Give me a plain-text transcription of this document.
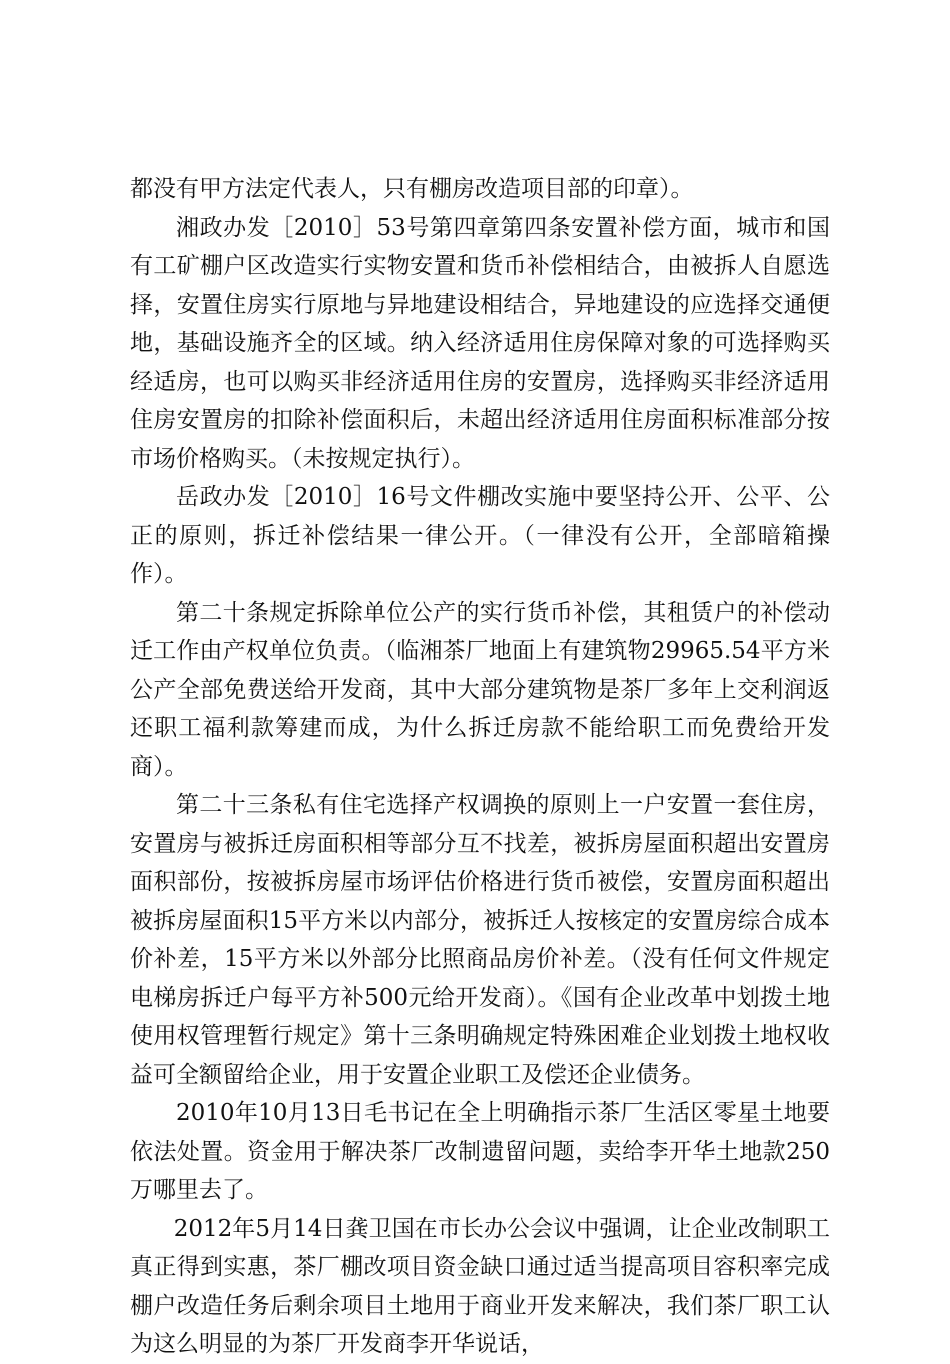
都没有甲方法定代表人，只有棚房改造项目部的印章）。

湘政办发［2010］53号第四章第四条安置补偿方面，城市和国有工矿棚户区改造实行实物安置和货币补偿相结合，由被拆人自愿选择，安置住房实行原地与异地建设相结合，异地建设的应选择交通便地，基础设施齐全的区域。纳入经济适用住房保障对象的可选择购买经适房，也可以购买非经济适用住房的安置房，选择购买非经济适用住房安置房的扣除补偿面积后，未超出经济适用住房面积标准部分按市场价格购买。（未按规定执行）。

岳政办发［2010］16号文件棚改实施中要坚持公开、公平、公正的原则，拆迁补偿结果一律公开。（一律没有公开，全部暗箱操作）。

第二十条规定拆除单位公产的实行货币补偿，其租赁户的补偿动迁工作由产权单位负责。（临湘茶厂地面上有建筑物29965.54平方米公产全部免费送给开发商，其中大部分建筑物是茶厂多年上交利润返还职工福利款筹建而成，为什么拆迁房款不能给职工而免费给开发商）。

第二十三条私有住宅选择产权调换的原则上一户安置一套住房，安置房与被拆迁房面积相等部分互不找差，被拆房屋面积超出安置房面积部份，按被拆房屋市场评估价格进行货币被偿，安置房面积超出被拆房屋面积15平方米以内部分，被拆迁人按核定的安置房综合成本价补差，15平方米以外部分比照商品房价补差。（没有任何文件规定电梯房拆迁户每平方补500元给开发商）。《国有企业改革中划拨土地使用权管理暂行规定》第十三条明确规定特殊困难企业划拨土地权收益可全额留给企业，用于安置企业职工及偿还企业债务。

2010年10月13日毛书记在全上明确指示茶厂生活区零星土地要依法处置。资金用于解决茶厂改制遗留问题，卖给李开华土地款250万哪里去了。

2012年5月14日龚卫国在市长办公会议中强调，让企业改制职工真正得到实惠，茶厂棚改项目资金缺口通过适当提高项目容积率完成棚户改造任务后剩余项目土地用于商业开发来解决，我们茶厂职工认为这么明显的为茶厂开发商李开华说话，
